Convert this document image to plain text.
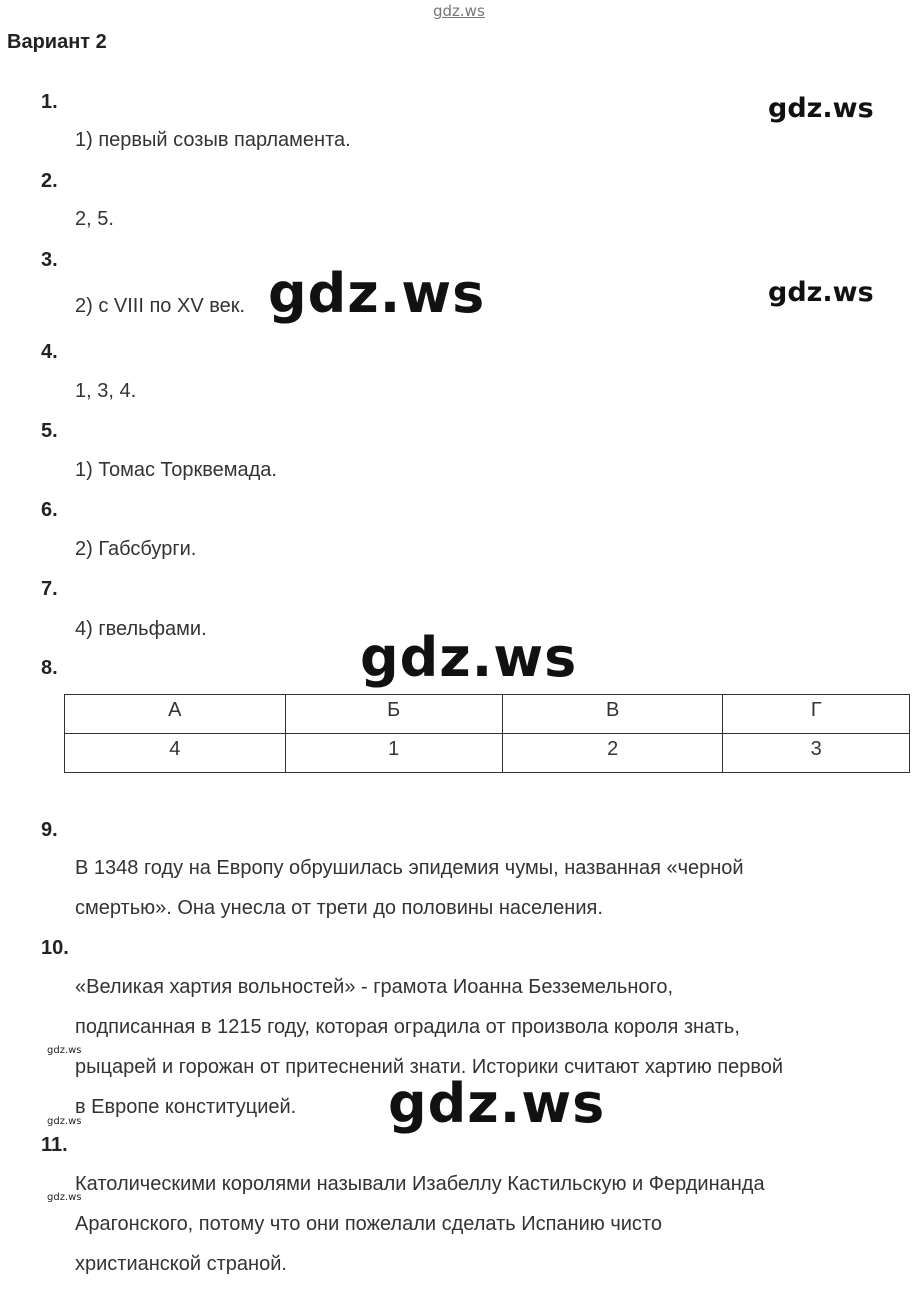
gdz.ws
gdz.ws
gdz.ws
gdz.ws
gdz.ws
gdz.ws
gdz.ws
gdz.ws
gdz.ws
Вариант 2
1.
1) первый созыв парламента.
2.
2, 5.
3.
2) с VIII по XV век.
4.
1, 3, 4.
5.
1) Томас Торквемада.
6.
2) Габсбурги.
7.
4) гвельфами.
8.
А	Б	В	Г
4	1	2	3
9.
В 1348 году на Европу обрушилась эпидемия чумы, названная «черной
смертью». Она унесла от трети до половины населения.
10.
«Великая хартия вольностей» - грамота Иоанна Безземельного,
подписанная в 1215 году, которая оградила от произвола короля знать,
рыцарей и горожан от притеснений знати. Историки считают хартию первой
в Европе конституцией.
11.
Католическими королями называли Изабеллу Кастильскую и Фердинанда
Арагонского, потому что они пожелали сделать Испанию чисто
христианской страной.
